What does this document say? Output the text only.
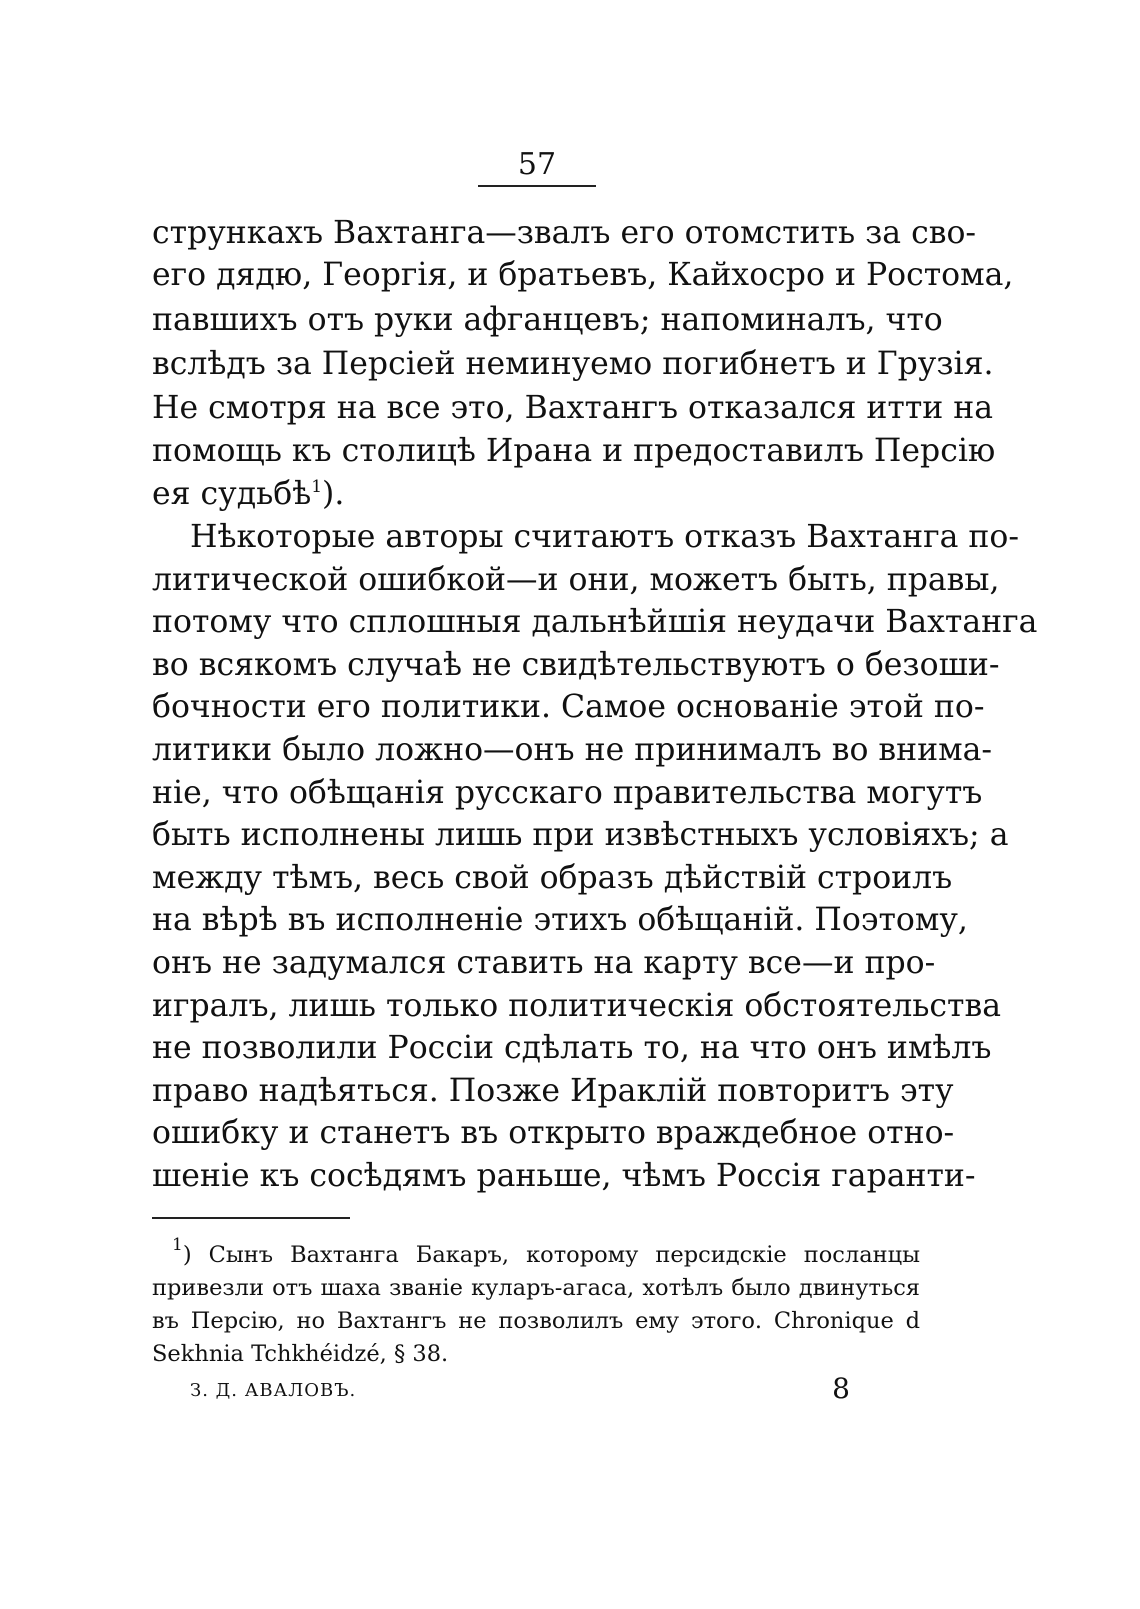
57
стрункахъ Вахтанга—звалъ его отомстить за сво-
его дядю, Георгія, и братьевъ, Кайхосро и Ростома,
павшихъ отъ руки афганцевъ; напоминалъ, что
вслѣдъ за Персіей неминуемо погибнетъ и Грузія.
Не смотря на все это, Вахтангъ отказался итти на
помощь къ столицѣ Ирана и предоставилъ Персію
ея судьбѣ$^1$).
Нѣкоторые авторы считаютъ отказъ Вахтанга по-
литической ошибкой—и они, можетъ быть, правы,
потому что сплошныя дальнѣйшія неудачи Вахтанга
во всякомъ случаѣ не свидѣтельствуютъ о безоши-
бочности его политики. Самое основаніе этой по-
литики было ложно—онъ не принималъ во внима-
ніе, что обѣщанія русскаго правительства могутъ
быть исполнены лишь при извѣстныхъ условіяхъ; а
между тѣмъ, весь свой образъ дѣйствій строилъ
на вѣрѣ въ исполненіе этихъ обѣщаній. Поэтому,
онъ не задумался ставить на карту все—и про-
игралъ, лишь только политическія обстоятельства
не позволили Россіи сдѣлать то, на что онъ имѣлъ
право надѣяться. Позже Ираклій повторитъ эту
ошибку и станетъ въ открыто враждебное отно-
шеніе къ сосѣдямъ раньше, чѣмъ Россія гаранти-
$^1$) Сынъ Вахтанга Бакаръ, которому персидскіе посланцы
привезли отъ шаха званіе куларъ-агаса, хотѣлъ было двинуться
въ Персію, но Вахтангъ не позволилъ ему этого. Chronique d
Sekhnia Tchkhéidzé, § 38.
З. Д. АВАЛОВЪ.	8
